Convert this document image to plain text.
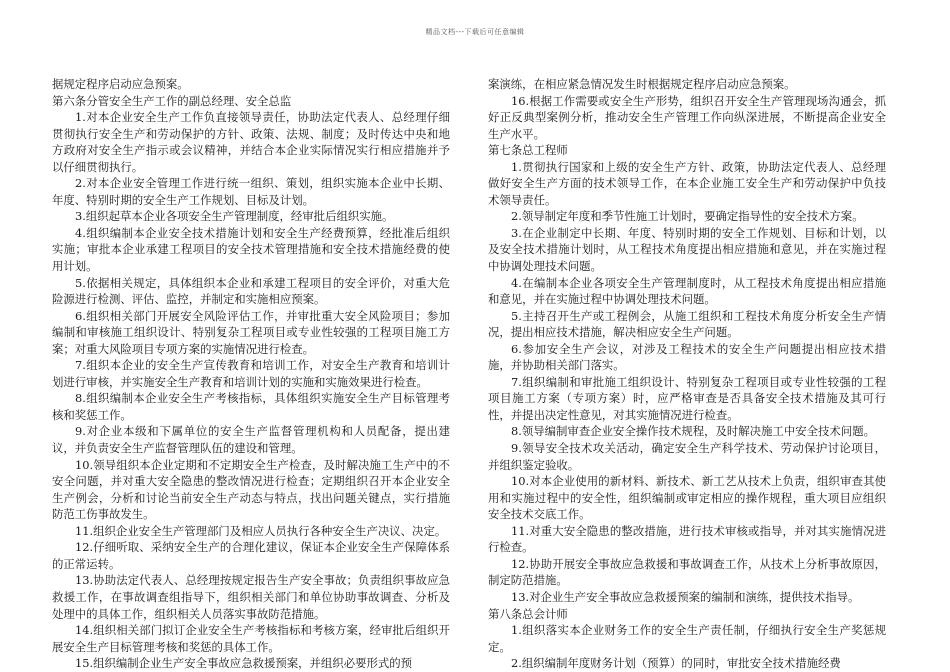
精品文档---下载后可任意编辑

据规定程序启动应急预案。

第六条分管安全生产工作的副总经理、安全总监

1.对本企业安全生产工作负直接领导责任，协助法定代表人、总经理仔细贯彻执行安全生产和劳动保护的方针、政策、法规、制度；及时传达中央和地方政府对安全生产指示或会议精神，并结合本企业实际情况实行相应措施并予以仔细贯彻执行。

2.对本企业安全管理工作进行统一组织、策划，组织实施本企业中长期、年度、特别时期的安全生产工作规划、目标及计划。

3.组织起草本企业各项安全生产管理制度，经审批后组织实施。

4.组织编制本企业安全技术措施计划和安全生产经费预算，经批准后组织实施；审批本企业承建工程项目的安全技术管理措施和安全技术措施经费的使用计划。

5.依据相关规定，具体组织本企业和承建工程项目的安全评价，对重大危险源进行检测、评估、监控，并制定和实施相应预案。

6.组织相关部门开展安全风险评估工作，并审批重大安全风险项目；参加编制和审核施工组织设计、特别复杂工程项目或专业性较强的工程项目施工方案；对重大风险项目专项方案的实施情况进行检查。

7.组织本企业的安全生产宣传教育和培训工作，对安全生产教育和培训计划进行审核，并实施安全生产教育和培训计划的实施和实施效果进行检查。

8.组织编制本企业安全生产考核指标，具体组织实施安全生产目标管理考核和奖惩工作。

9.对企业本级和下属单位的安全生产监督管理机构和人员配备，提出建议，并负责安全生产监督管理队伍的建设和管理。

10.领导组织本企业定期和不定期安全生产检查，及时解决施工生产中的不安全问题，并对重大安全隐患的整改情况进行检查；定期组织召开本企业安全生产例会，分析和讨论当前安全生产动态与特点，找出问题关键点，实行措施防范工伤事故发生。

11.组织企业安全生产管理部门及相应人员执行各种安全生产决议、决定。

12.仔细听取、采纳安全生产的合理化建议，保证本企业安全生产保障体系的正常运转。

13.协助法定代表人、总经理按规定报告生产安全事故；负责组织事故应急救援工作，在事故调查组指导下，组织相关部门和单位协助事故调查、分析及处理中的具体工作，组织相关人员落实事故防范措施。

14.组织相关部门拟订企业安全生产考核指标和考核方案，经审批后组织开展安全生产目标管理考核和奖惩的具体工作。

15.组织编制企业生产安全事故应急救援预案，并组织必要形式的预

案演练，在相应紧急情况发生时根据规定程序启动应急预案。

16.根据工作需要或安全生产形势，组织召开安全生产管理现场沟通会，抓好正反典型案例分析，推动安全生产管理工作向纵深进展，不断提高企业安全生产水平。

第七条总工程师

1.贯彻执行国家和上级的安全生产方针、政策，协助法定代表人、总经理做好安全生产方面的技术领导工作，在本企业施工安全生产和劳动保护中负技术领导责任。

2.领导制定年度和季节性施工计划时，要确定指导性的安全技术方案。

3.在企业制定中长期、年度、特别时期的安全工作规划、目标和计划，以及安全技术措施计划时，从工程技术角度提出相应措施和意见，并在实施过程中协调处理技术问题。

4.在编制本企业各项安全生产管理制度时，从工程技术角度提出相应措施和意见，并在实施过程中协调处理技术问题。

5.主持召开生产或工程例会，从施工组织和工程技术角度分析安全生产情况，提出相应技术措施，解决相应安全生产问题。

6.参加安全生产会议，对涉及工程技术的安全生产问题提出相应技术措施，并协助相关部门落实。

7.组织编制和审批施工组织设计、特别复杂工程项目或专业性较强的工程项目施工方案（专项方案）时，应严格审查是否具备安全技术措施及其可行性，并提出决定性意见，对其实施情况进行检查。

8.领导编制审查企业安全操作技术规程，及时解决施工中安全技术问题。

9.领导安全技术攻关活动，确定安全生产科学技术、劳动保护讨论项目，并组织鉴定验收。

10.对本企业使用的新材料、新技术、新工艺从技术上负责，组织审查其使用和实施过程中的安全性，组织编制或审定相应的操作规程，重大项目应组织安全技术交底工作。

11.对重大安全隐患的整改措施，进行技术审核或指导，并对其实施情况进行检查。

12.协助开展安全事故应急救援和事故调查工作，从技术上分析事故原因，制定防范措施。

13.对企业生产安全事故应急救援预案的编制和演练，提供技术指导。

第八条总会计师

1.组织落实本企业财务工作的安全生产责任制，仔细执行安全生产奖惩规定。

2.组织编制年度财务计划（预算）的同时，审批安全技术措施经费
